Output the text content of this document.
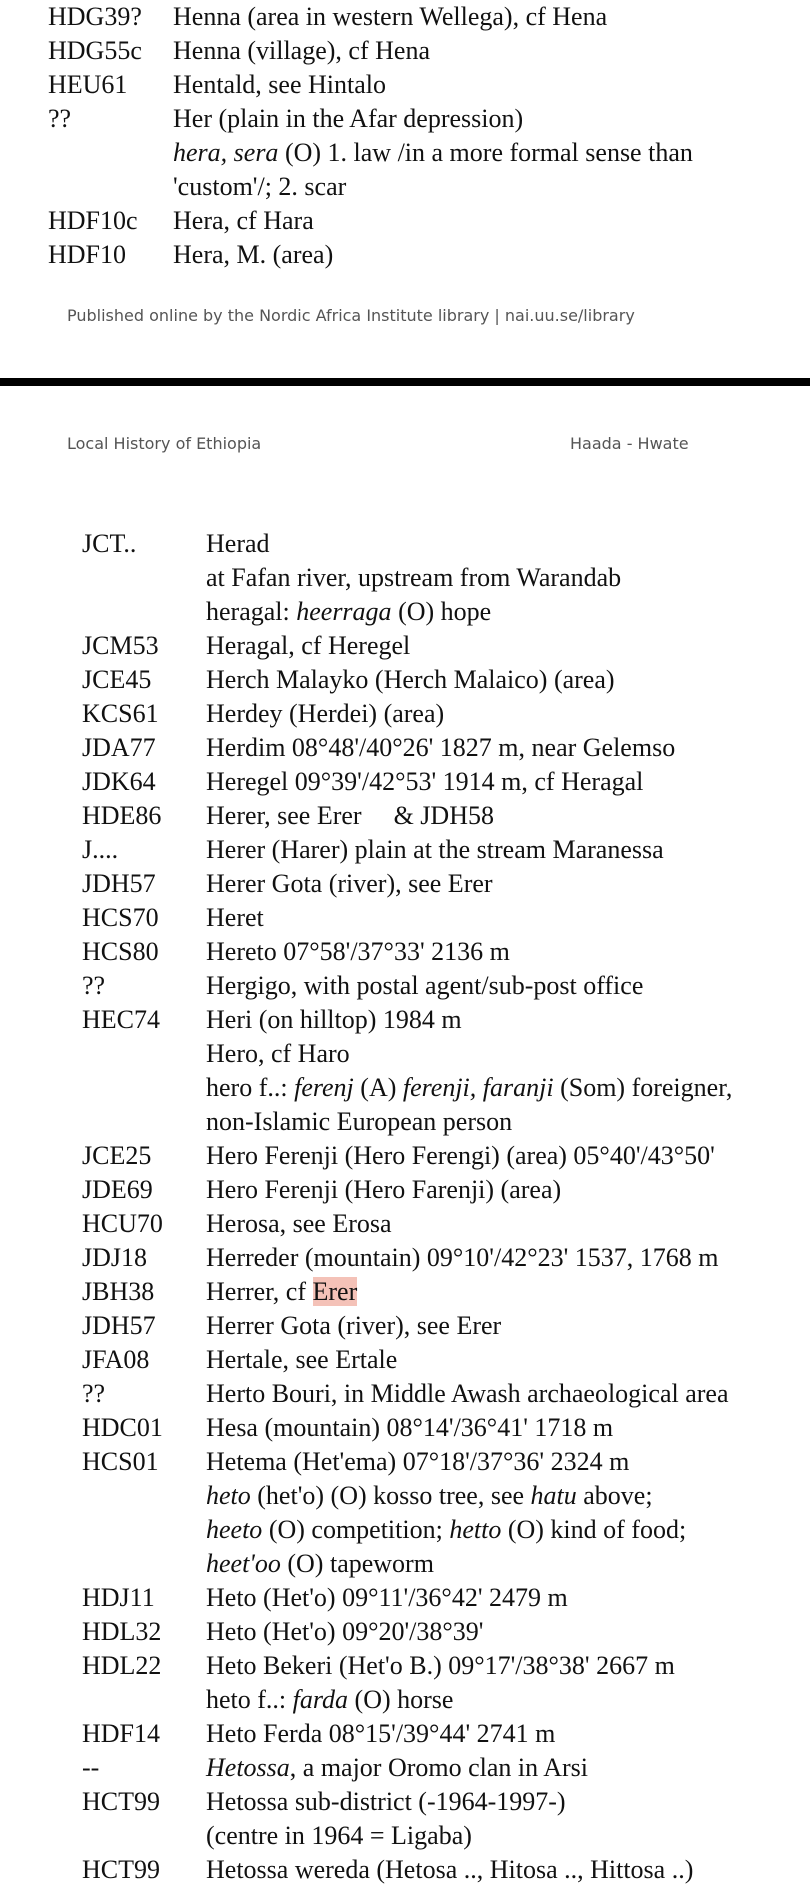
HDG39?	Henna (area in western Wellega), cf Hena
HDG55c	Henna (village), cf Hena
HEU61	Hentald, see Hintalo
??	Her (plain in the Afar depression)
hera, sera (O) 1. law /in a more formal sense than
'custom'/; 2. scar
HDF10c	Hera, cf Hara
HDF10	Hera, M. (area)
Published online by the Nordic Africa Institute library | nai.uu.se/library
Local History of Ethiopia	Haada - Hwate
JCT..	Herad
at Fafan river, upstream from Warandab
heragal: heerraga (O) hope
JCM53	Heragal, cf Heregel
JCE45	Herch Malayko (Herch Malaico) (area)
KCS61	Herdey (Herdei) (area)
JDA77	Herdim 08°48'/40°26' 1827 m, near Gelemso
JDK64	Heregel 09°39'/42°53' 1914 m, cf Heragal
HDE86	Herer, see Erer & JDH58
J....	Herer (Harer) plain at the stream Maranessa
JDH57	Herer Gota (river), see Erer
HCS70	Heret
HCS80	Hereto 07°58'/37°33' 2136 m
??	Hergigo, with postal agent/sub-post office
HEC74	Heri (on hilltop) 1984 m
Hero, cf Haro
hero f..: ferenj (A) ferenji, faranji (Som) foreigner,
non-Islamic European person
JCE25	Hero Ferenji (Hero Ferengi) (area) 05°40'/43°50'
JDE69	Hero Ferenji (Hero Farenji) (area)
HCU70	Herosa, see Erosa
JDJ18	Herreder (mountain) 09°10'/42°23' 1537, 1768 m
JBH38	Herrer, cf Erer
JDH57	Herrer Gota (river), see Erer
JFA08	Hertale, see Ertale
??	Herto Bouri, in Middle Awash archaeological area
HDC01	Hesa (mountain) 08°14'/36°41' 1718 m
HCS01	Hetema (Het'ema) 07°18'/37°36' 2324 m
heto (het'o) (O) kosso tree, see hatu above;
heeto (O) competition; hetto (O) kind of food;
heet'oo (O) tapeworm
HDJ11	Heto (Het'o) 09°11'/36°42' 2479 m
HDL32	Heto (Het'o) 09°20'/38°39'
HDL22	Heto Bekeri (Het'o B.) 09°17'/38°38' 2667 m
heto f..: farda (O) horse
HDF14	Heto Ferda 08°15'/39°44' 2741 m
--	Hetossa, a major Oromo clan in Arsi
HCT99	Hetossa sub-district (-1964-1997-)
(centre in 1964 = Ligaba)
HCT99	Hetossa wereda (Hetosa .., Hitosa .., Hittosa ..)
